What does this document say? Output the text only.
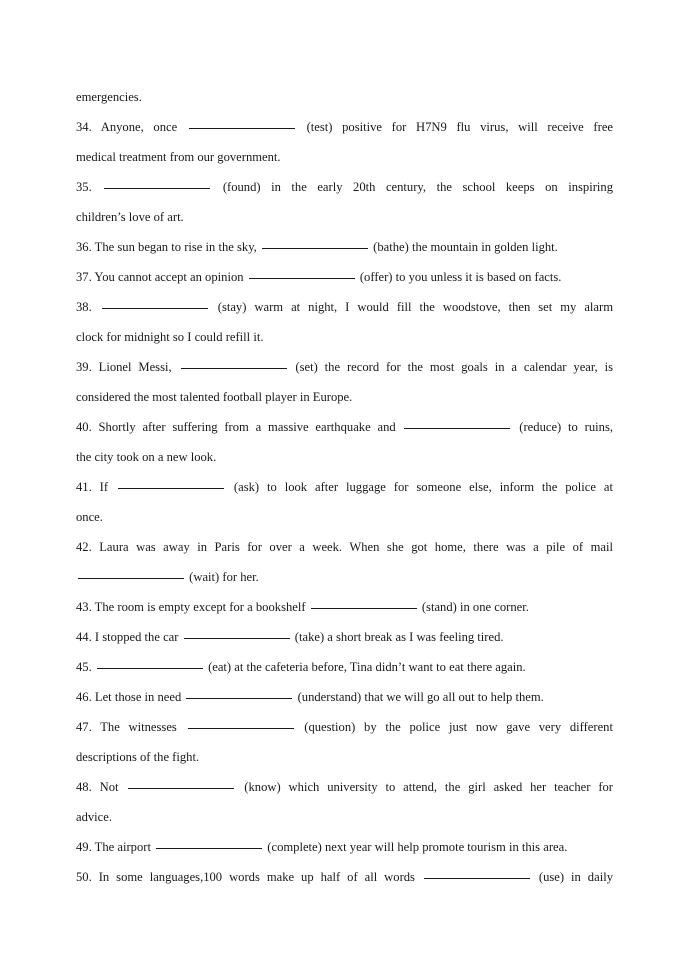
emergencies.
34. Anyone, once	(test) positive for H7N9 flu virus, will receive free
medical treatment from our government.
35.	(found) in the early 20th century, the school keeps on inspiring
children’s love of art.
36. The sun began to rise in the sky,	(bathe) the mountain in golden light.
37. You cannot accept an opinion	(offer) to you unless it is based on facts.
38.	(stay) warm at night, I would fill the woodstove, then set my alarm
clock for midnight so I could refill it.
39. Lionel Messi,	(set) the record for the most goals in a calendar year, is
considered the most talented football player in Europe.
40. Shortly after suffering from a massive earthquake and	(reduce) to ruins,
the city took on a new look.
41. If	(ask) to look after luggage for someone else, inform the police at
once.
42. Laura was away in Paris for over a week. When she got home, there was a pile of mail
(wait) for her.
43. The room is empty except for a bookshelf	(stand) in one corner.
44. I stopped the car	(take) a short break as I was feeling tired.
45.	(eat) at the cafeteria before, Tina didn’t want to eat there again.
46. Let those in need	(understand) that we will go all out to help them.
47. The witnesses	(question) by the police just now gave very different
descriptions of the fight.
48. Not	(know) which university to attend, the girl asked her teacher for
advice.
49. The airport	(complete) next year will help promote tourism in this area.
50. In some languages,100 words make up half of all words	(use) in daily
